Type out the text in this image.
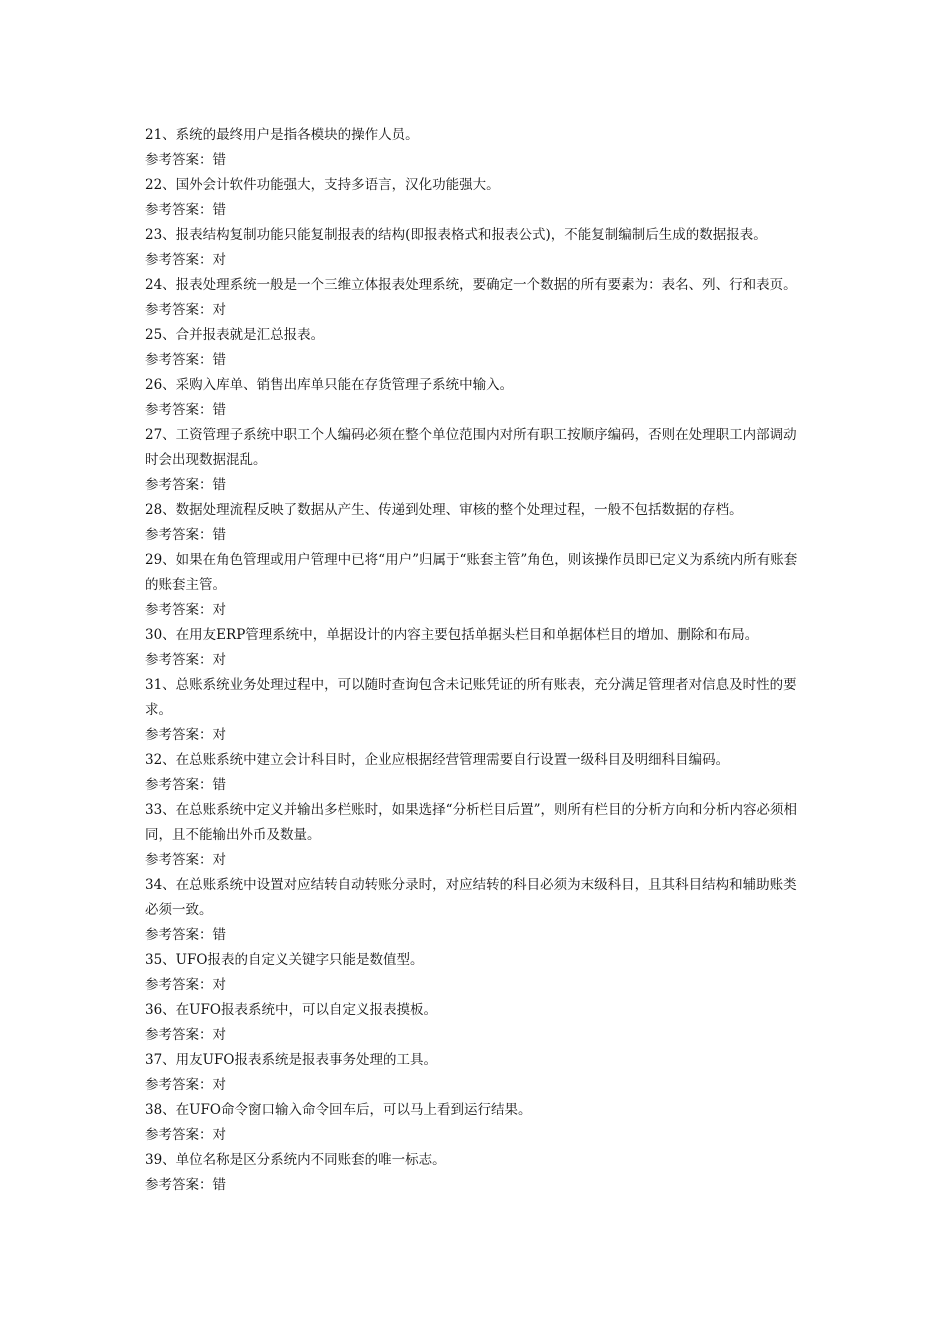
21、系统的最终用户是指各模块的操作人员。

参考答案：错

22、国外会计软件功能强大，支持多语言，汉化功能强大。

参考答案：错

23、报表结构复制功能只能复制报表的结构(即报表格式和报表公式)，不能复制编制后生成的数据报表。

参考答案：对

24、报表处理系统一般是一个三维立体报表处理系统，要确定一个数据的所有要素为：表名、列、行和表页。

参考答案：对

25、合并报表就是汇总报表。

参考答案：错

26、采购入库单、销售出库单只能在存货管理子系统中输入。

参考答案：错

27、工资管理子系统中职工个人编码必须在整个单位范围内对所有职工按顺序编码，否则在处理职工内部调动时会出现数据混乱。

参考答案：错

28、数据处理流程反映了数据从产生、传递到处理、审核的整个处理过程，一般不包括数据的存档。

参考答案：错

29、如果在角色管理或用户管理中已将“用户”归属于“账套主管”角色，则该操作员即已定义为系统内所有账套的账套主管。

参考答案：对

30、在用友ERP管理系统中，单据设计的内容主要包括单据头栏目和单据体栏目的增加、删除和布局。

参考答案：对

31、总账系统业务处理过程中，可以随时查询包含未记账凭证的所有账表，充分满足管理者对信息及时性的要求。

参考答案：对

32、在总账系统中建立会计科目时，企业应根据经营管理需要自行设置一级科目及明细科目编码。

参考答案：错

33、在总账系统中定义并输出多栏账时，如果选择“分析栏目后置”，则所有栏目的分析方向和分析内容必须相同，且不能输出外币及数量。

参考答案：对

34、在总账系统中设置对应结转自动转账分录时，对应结转的科目必须为末级科目，且其科目结构和辅助账类必须一致。

参考答案：错

35、UFO报表的自定义关键字只能是数值型。

参考答案：对

36、在UFO报表系统中，可以自定义报表摸板。

参考答案：对

37、用友UFO报表系统是报表事务处理的工具。

参考答案：对

38、在UFO命令窗口输入命令回车后，可以马上看到运行结果。

参考答案：对

39、单位名称是区分系统内不同账套的唯一标志。

参考答案：错
